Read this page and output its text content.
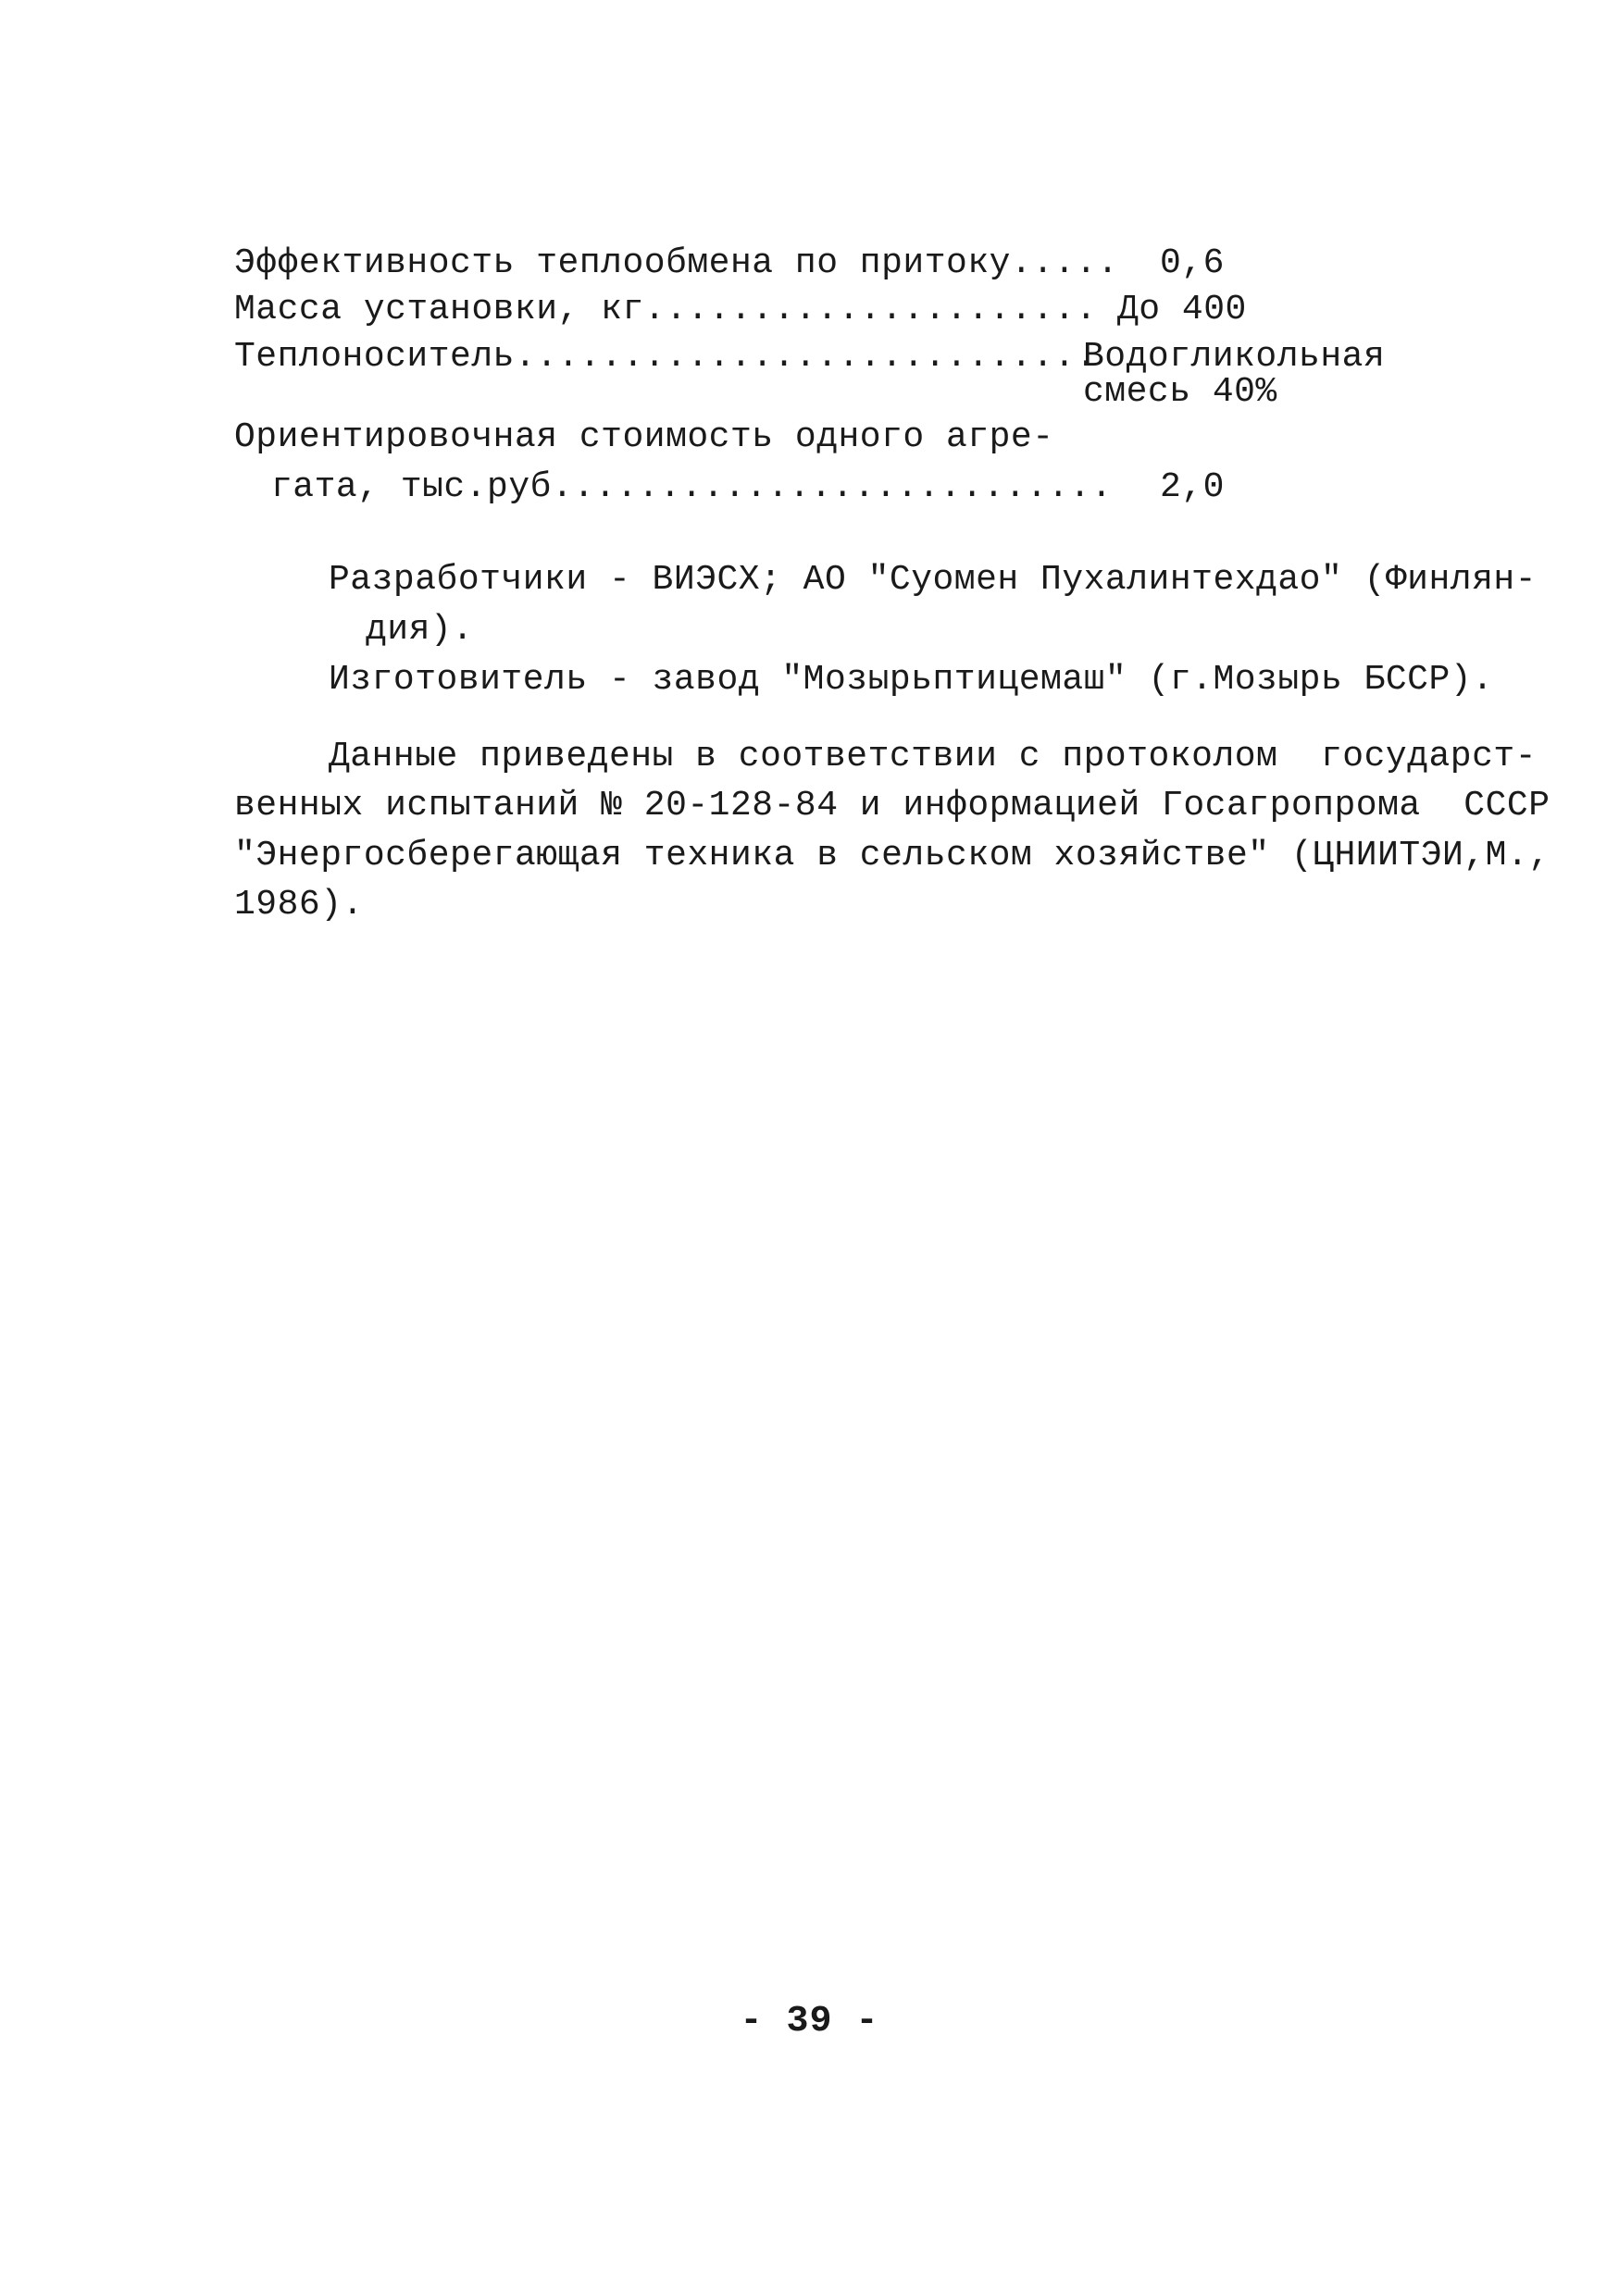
Эффективность теплообмена по притоку..... 0,6
Масса установки, кг..................... До 400
Теплоноситель...........................
Водогликольная
смесь 40%
Ориентировочная стоимость одного агре-
гата, тыс.руб.......................... 2,0
Разработчики - ВИЭСХ; АО "Суомен Пухалинтехдао" (Финлян-
дия).
Изготовитель - завод "Мозырьптицемаш" (г.Мозырь БССР).
Данные приведены в соответствии с протоколом  государст-
венных испытаний № 20-128-84 и информацией Госагропрома  СССР
"Энергосберегающая техника в сельском хозяйстве" (ЦНИИТЭИ,М.,
1986).
- 39 -
